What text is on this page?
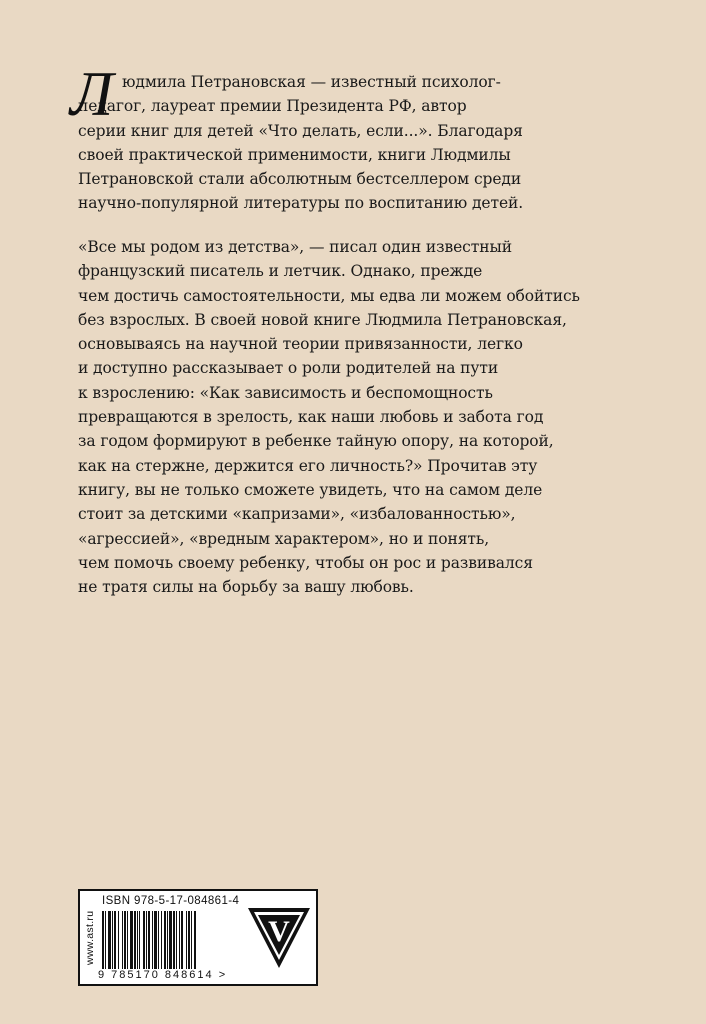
Л юдмила Петрановская — известный психолог-
педагог, лауреат премии Президента РФ, автор
серии книг для детей «Что делать, если...». Благодаря
своей практической применимости, книги Людмилы
Петрановской стали абсолютным бестселлером среди
научно-популярной литературы по воспитанию детей.
«Все мы родом из детства», — писал один известный
французский писатель и летчик. Однако, прежде
чем достичь самостоятельности, мы едва ли можем обойтись
без взрослых. В своей новой книге Людмила Петрановская,
основываясь на научной теории привязанности, легко
и доступно рассказывает о роли родителей на пути
к взрослению: «Как зависимость и беспомощность
превращаются в зрелость, как наши любовь и забота год
за годом формируют в ребенке тайную опору, на которой,
как на стержне, держится его личность?» Прочитав эту
книгу, вы не только сможете увидеть, что на самом деле
стоит за детскими «капризами», «избалованностью»,
«агрессией», «вредным характером», но и понять,
чем помочь своему ребенку, чтобы он рос и развивался
не тратя силы на борьбу за вашу любовь.
www.ast.ru
ISBN 978-5-17-084861-4
9 785170 848614 >
V
